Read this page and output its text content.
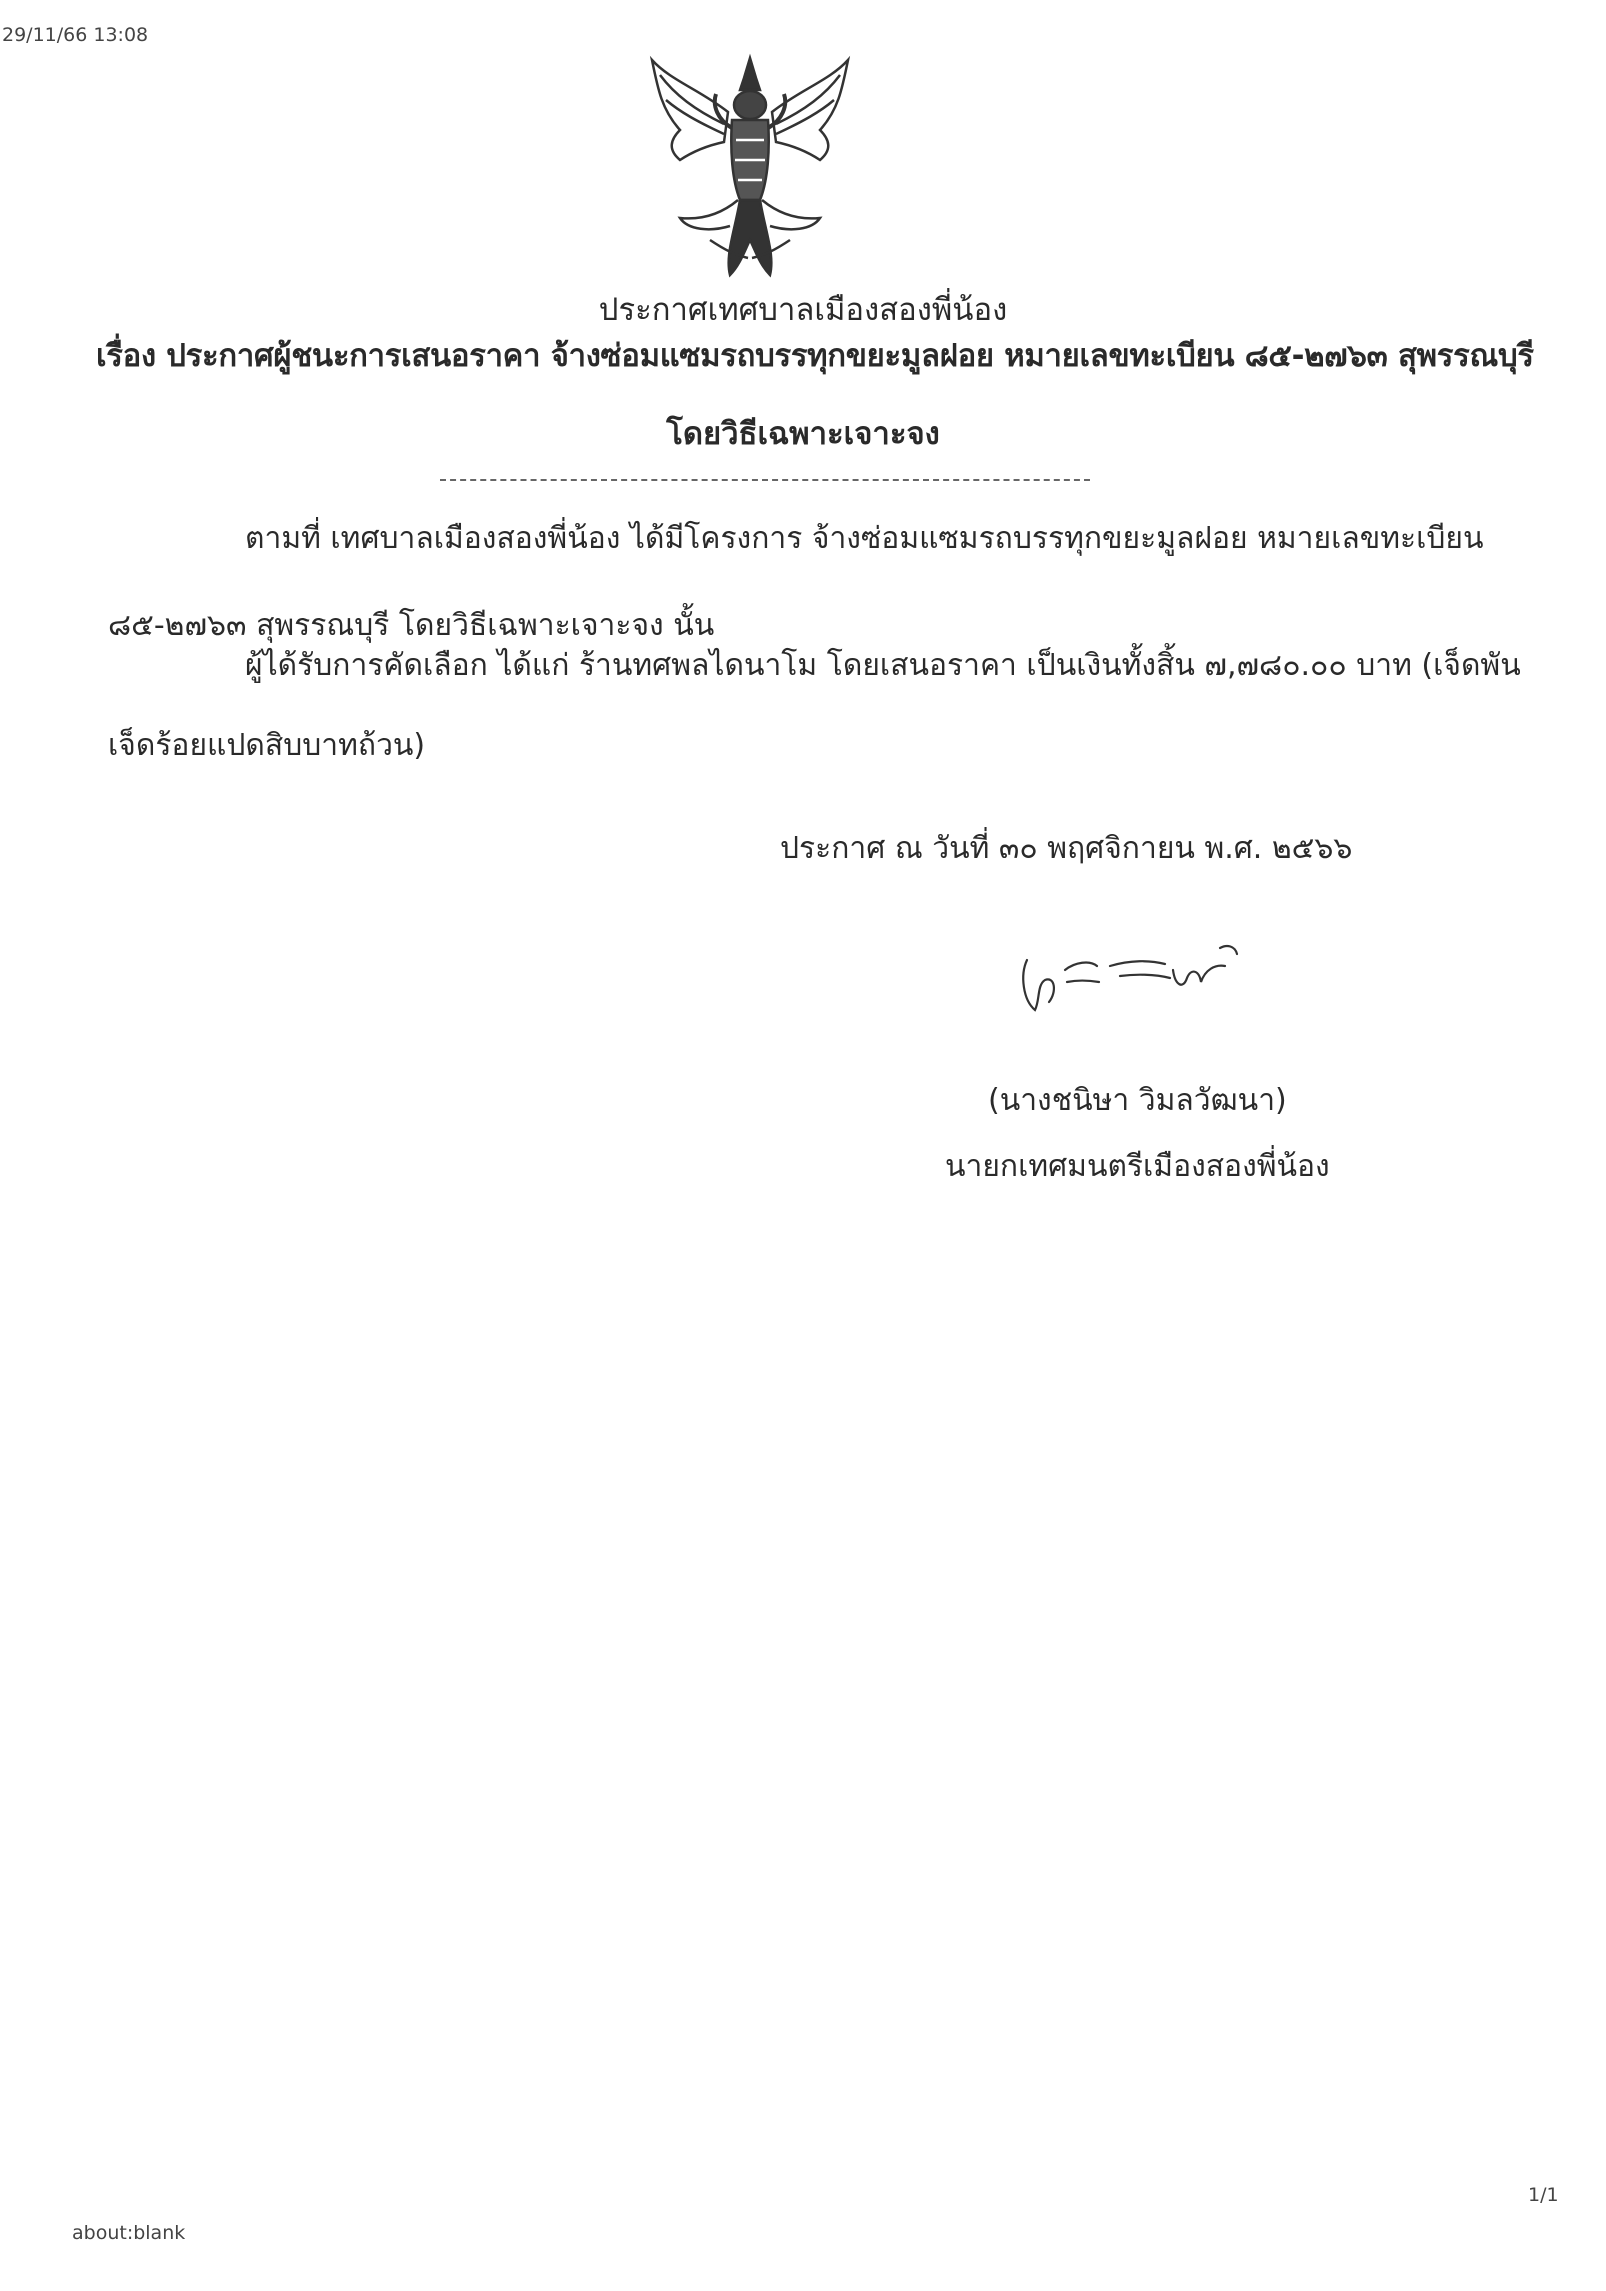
29/11/66 13:08
ประกาศเทศบาลเมืองสองพี่น้อง
เรื่อง ประกาศผู้ชนะการเสนอราคา จ้างซ่อมแซมรถบรรทุกขยะมูลฝอย หมายเลขทะเบียน ๘๕-๒๗๖๓ สุพรรณบุรี
โดยวิธีเฉพาะเจาะจง
ตามที่ เทศบาลเมืองสองพี่น้อง ได้มีโครงการ จ้างซ่อมแซมรถบรรทุกขยะมูลฝอย หมายเลขทะเบียน
๘๕-๒๗๖๓ สุพรรณบุรี โดยวิธีเฉพาะเจาะจง นั้น
ผู้ได้รับการคัดเลือก ได้แก่ ร้านทศพลไดนาโม โดยเสนอราคา เป็นเงินทั้งสิ้น ๗,๗๘๐.๐๐ บาท (เจ็ดพัน
เจ็ดร้อยแปดสิบบาทถ้วน)
ประกาศ ณ วันที่ ๓๐ พฤศจิกายน พ.ศ. ๒๕๖๖
(นางชนิษา วิมลวัฒนา)
นายกเทศมนตรีเมืองสองพี่น้อง
about:blank
1/1
